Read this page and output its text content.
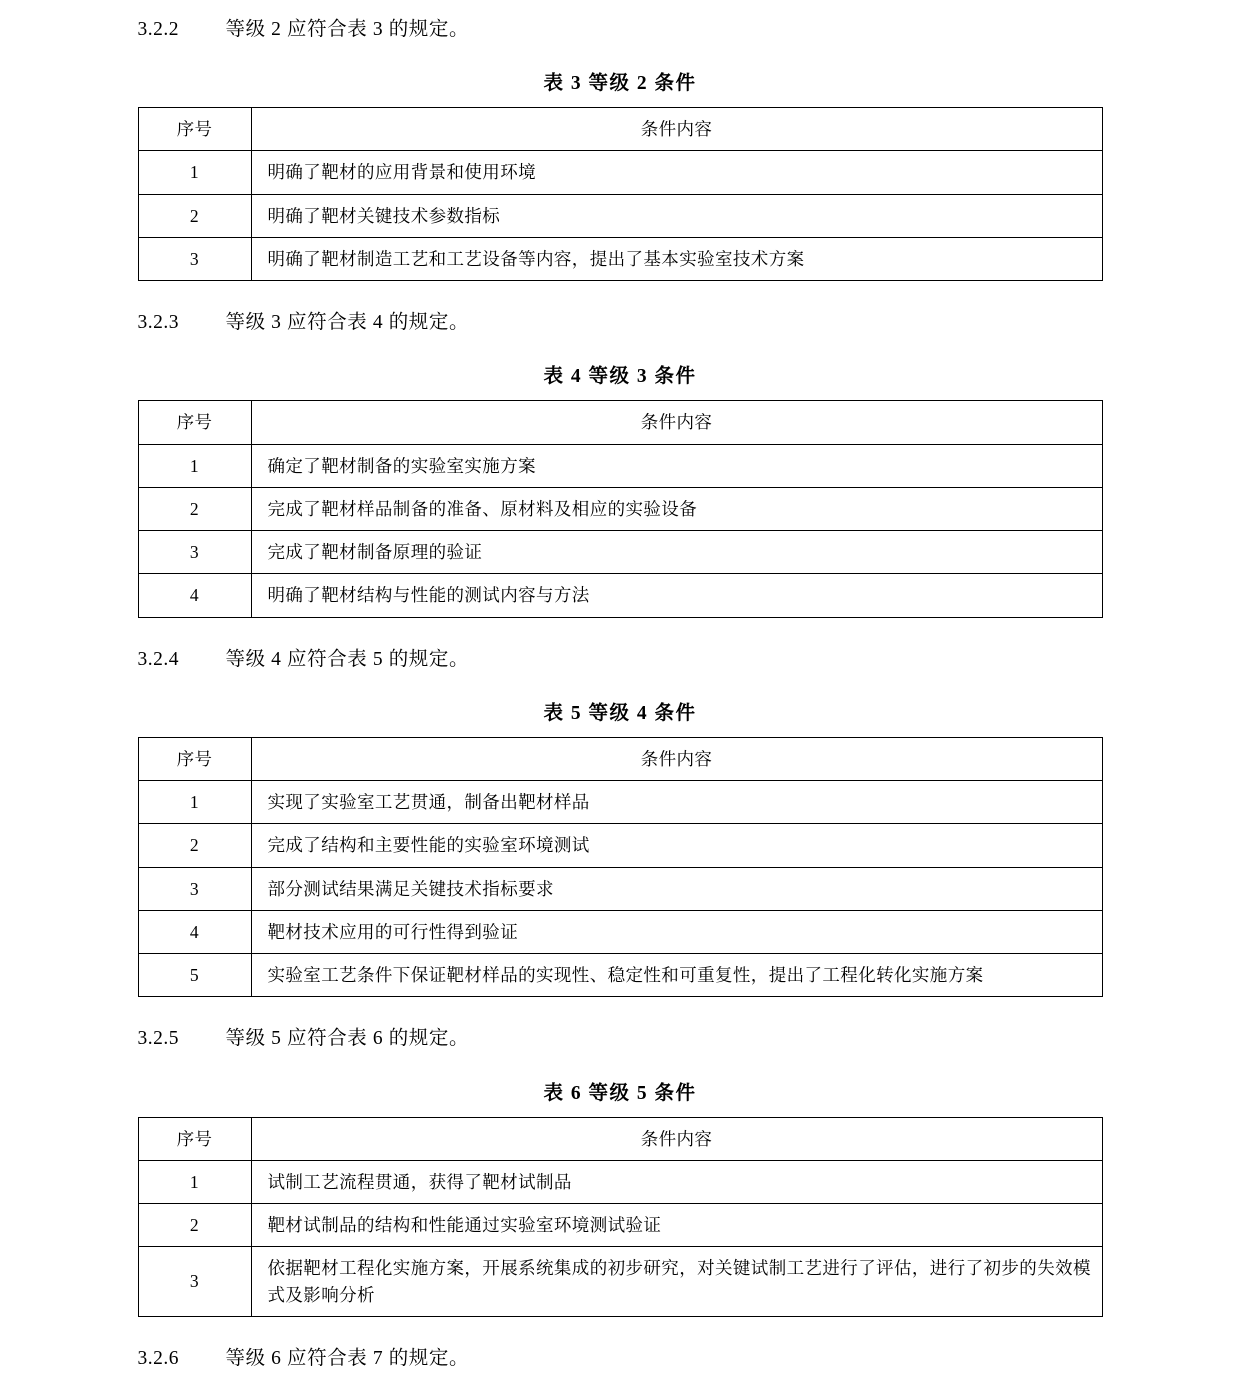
3.2.2 等级 2 应符合表 3 的规定。

表 3 等级 2 条件
序号	条件内容
1	明确了靶材的应用背景和使用环境
2	明确了靶材关键技术参数指标
3	明确了靶材制造工艺和工艺设备等内容，提出了基本实验室技术方案

3.2.3 等级 3 应符合表 4 的规定。

表 4 等级 3 条件
序号	条件内容
1	确定了靶材制备的实验室实施方案
2	完成了靶材样品制备的准备、原材料及相应的实验设备
3	完成了靶材制备原理的验证
4	明确了靶材结构与性能的测试内容与方法

3.2.4 等级 4 应符合表 5 的规定。

表 5 等级 4 条件
序号	条件内容
1	实现了实验室工艺贯通，制备出靶材样品
2	完成了结构和主要性能的实验室环境测试
3	部分测试结果满足关键技术指标要求
4	靶材技术应用的可行性得到验证
5	实验室工艺条件下保证靶材样品的实现性、稳定性和可重复性，提出了工程化转化实施方案

3.2.5 等级 5 应符合表 6 的规定。

表 6 等级 5 条件
序号	条件内容
1	试制工艺流程贯通，获得了靶材试制品
2	靶材试制品的结构和性能通过实验室环境测试验证
3	依据靶材工程化实施方案，开展系统集成的初步研究，对关键试制工艺进行了评估，进行了初步的失效模式及影响分析

3.2.6 等级 6 应符合表 7 的规定。
